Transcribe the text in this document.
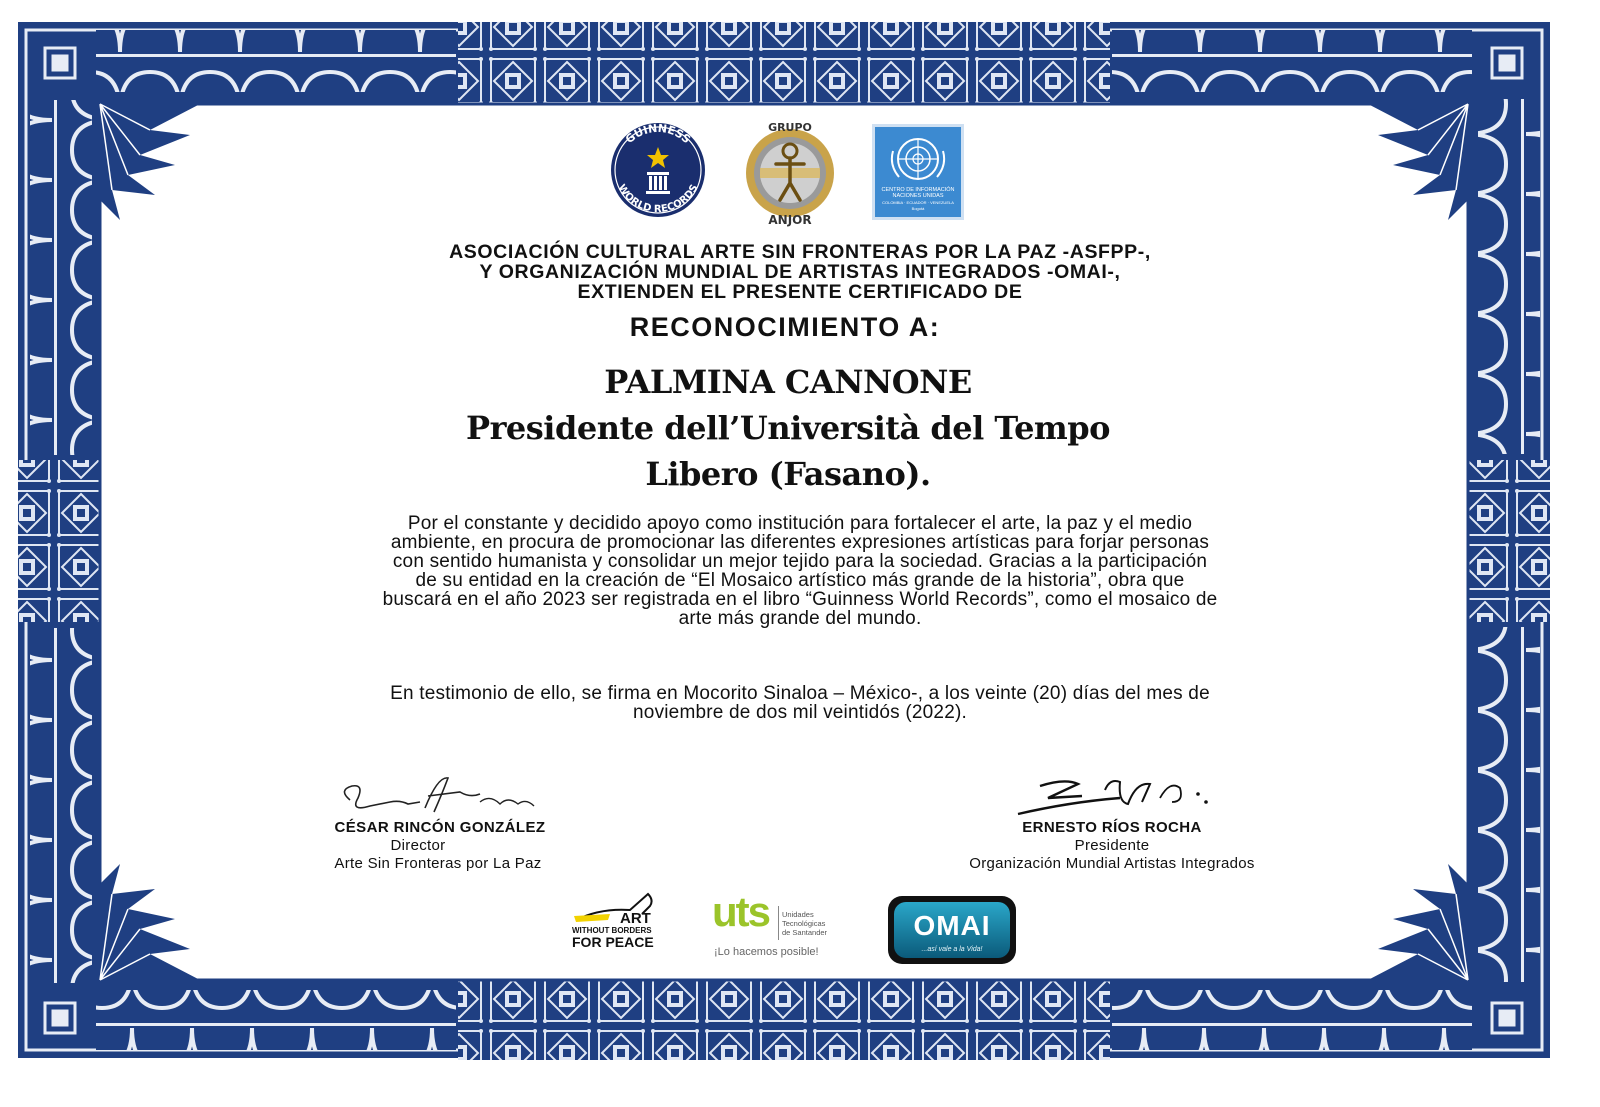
GUINNESS
WORLD RECORDS
GRUPO
ANJOR
CENTRO DE INFORMACIÓN
NACIONES UNIDAS
COLOMBIA · ECUADOR · VENEZUELA
Bogotá
ASOCIACIÓN CULTURAL ARTE SIN FRONTERAS POR LA PAZ -ASFPP-,
Y ORGANIZACIÓN MUNDIAL DE ARTISTAS INTEGRADOS -OMAI-,
EXTIENDEN EL PRESENTE CERTIFICADO DE
RECONOCIMIENTO A:
PALMINA CANNONE
Presidente dell’Università del Tempo
Libero (Fasano).
Por el constante y decidido apoyo como institución para fortalecer el arte, la paz y el medio
ambiente, en procura de promocionar las diferentes expresiones artísticas para forjar personas
con sentido humanista y consolidar un mejor tejido para la sociedad. Gracias a la participación
de su entidad en la creación de “El Mosaico artístico más grande de la historia”, obra que
buscará en el año 2023 ser registrada en el libro “Guinness World Records”, como el mosaico de
arte más grande del mundo.
En testimonio de ello, se firma en Mocorito Sinaloa – México-, a los veinte (20) días del mes de
noviembre de dos mil veintidós (2022).
CÉSAR RINCÓN GONZÁLEZ
Director
Arte Sin Fronteras por La Paz
ERNESTO RÍOS ROCHA
Presidente
Organización Mundial Artistas Integrados
ART
WITHOUT BORDERS
FOR PEACE
uts Unidades
Tecnológicas
de Santander
¡Lo hacemos posible!
OMAI
...así vale a la Vida!
